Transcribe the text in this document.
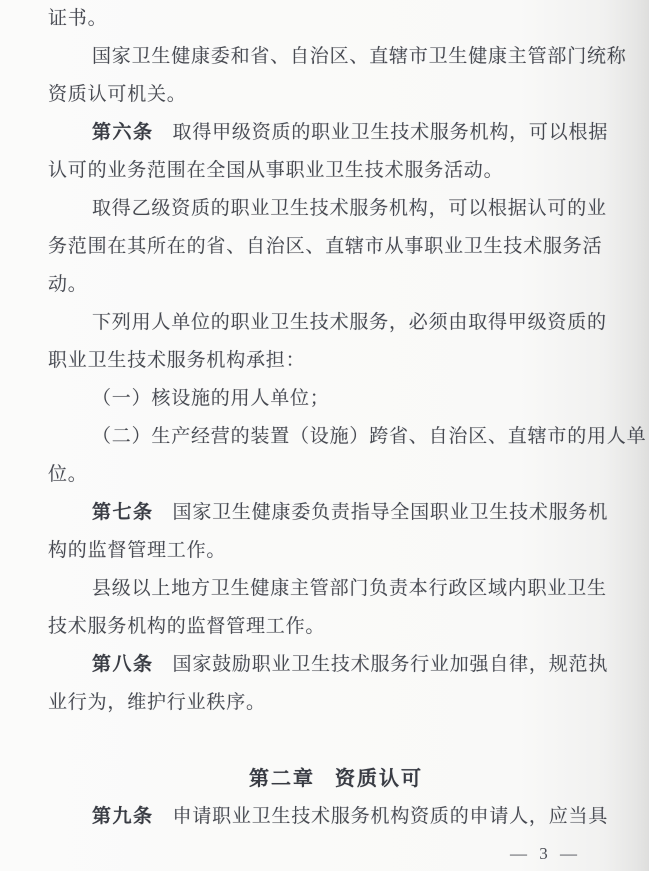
证书。
国家卫生健康委和省、自治区、直辖市卫生健康主管部门统称
资质认可机关。
第六条 取得甲级资质的职业卫生技术服务机构，可以根据
认可的业务范围在全国从事职业卫生技术服务活动。
取得乙级资质的职业卫生技术服务机构，可以根据认可的业
务范围在其所在的省、自治区、直辖市从事职业卫生技术服务活
动。
下列用人单位的职业卫生技术服务，必须由取得甲级资质的
职业卫生技术服务机构承担：
（一）核设施的用人单位；
（二）生产经营的装置（设施）跨省、自治区、直辖市的用人单
位。
第七条 国家卫生健康委负责指导全国职业卫生技术服务机
构的监督管理工作。
县级以上地方卫生健康主管部门负责本行政区域内职业卫生
技术服务机构的监督管理工作。
第八条 国家鼓励职业卫生技术服务行业加强自律，规范执
业行为，维护行业秩序。
第二章 资质认可
第九条 申请职业卫生技术服务机构资质的申请人，应当具
— 3 —
